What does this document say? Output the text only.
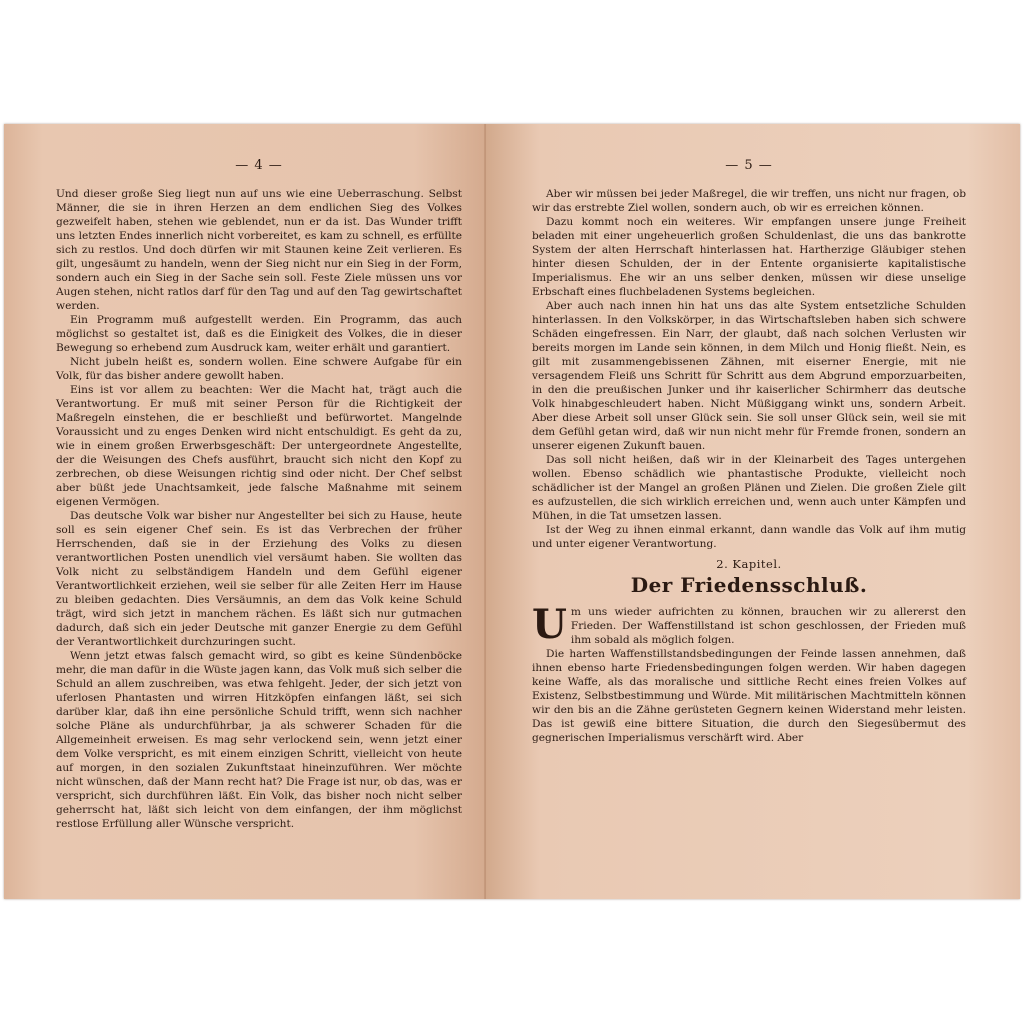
— 4 —

Und dieser große Sieg liegt nun auf uns wie eine Ueberraschung. Selbst Männer, die sie in ihren Herzen an dem endlichen Sieg des Volkes gezweifelt haben, stehen wie geblendet, nun er da ist. Das Wunder trifft uns letzten Endes innerlich nicht vorbereitet, es kam zu schnell, es erfüllte sich zu restlos. Und doch dürfen wir mit Staunen keine Zeit verlieren. Es gilt, ungesäumt zu handeln, wenn der Sieg nicht nur ein Sieg in der Form, sondern auch ein Sieg in der Sache sein soll. Feste Ziele müssen uns vor Augen stehen, nicht ratlos darf für den Tag und auf den Tag gewirtschaftet werden.

Ein Programm muß aufgestellt werden. Ein Programm, das auch möglichst so gestaltet ist, daß es die Einigkeit des Volkes, die in dieser Bewegung so erhebend zum Ausdruck kam, weiter erhält und garantiert.

Nicht jubeln heißt es, sondern wollen. Eine schwere Aufgabe für ein Volk, für das bisher andere gewollt haben.

Eins ist vor allem zu beachten: Wer die Macht hat, trägt auch die Verantwortung. Er muß mit seiner Person für die Richtigkeit der Maßregeln einstehen, die er beschließt und befürwortet. Mangelnde Voraussicht und zu enges Denken wird nicht entschuldigt. Es geht da zu, wie in einem großen Erwerbsgeschäft: Der untergeordnete Angestellte, der die Weisungen des Chefs ausführt, braucht sich nicht den Kopf zu zerbrechen, ob diese Weisungen richtig sind oder nicht. Der Chef selbst aber büßt jede Unachtsamkeit, jede falsche Maßnahme mit seinem eigenen Vermögen.

Das deutsche Volk war bisher nur Angestellter bei sich zu Hause, heute soll es sein eigener Chef sein. Es ist das Verbrechen der früher Herrschenden, daß sie in der Erziehung des Volks zu diesen verantwortlichen Posten unendlich viel versäumt haben. Sie wollten das Volk nicht zu selbständigem Handeln und dem Gefühl eigener Verantwortlichkeit erziehen, weil sie selber für alle Zeiten Herr im Hause zu bleiben gedachten. Dies Versäumnis, an dem das Volk keine Schuld trägt, wird sich jetzt in manchem rächen. Es läßt sich nur gutmachen dadurch, daß sich ein jeder Deutsche mit ganzer Energie zu dem Gefühl der Verantwortlichkeit durchzuringen sucht.

Wenn jetzt etwas falsch gemacht wird, so gibt es keine Sündenböcke mehr, die man dafür in die Wüste jagen kann, das Volk muß sich selber die Schuld an allem zuschreiben, was etwa fehlgeht. Jeder, der sich jetzt von uferlosen Phantasten und wirren Hitzköpfen einfangen läßt, sei sich darüber klar, daß ihn eine persönliche Schuld trifft, wenn sich nachher solche Pläne als undurchführbar, ja als schwerer Schaden für die Allgemeinheit erweisen. Es mag sehr verlockend sein, wenn jetzt einer dem Volke verspricht, es mit einem einzigen Schritt, vielleicht von heute auf morgen, in den sozialen Zukunftstaat hineinzuführen. Wer möchte nicht wünschen, daß der Mann recht hat? Die Frage ist nur, ob das, was er verspricht, sich durchführen läßt. Ein Volk, das bisher noch nicht selber geherrscht hat, läßt sich leicht von dem einfangen, der ihm möglichst restlose Erfüllung aller Wünsche verspricht.

— 5 —

Aber wir müssen bei jeder Maßregel, die wir treffen, uns nicht nur fragen, ob wir das erstrebte Ziel wollen, sondern auch, ob wir es erreichen können.

Dazu kommt noch ein weiteres. Wir empfangen unsere junge Freiheit beladen mit einer ungeheuerlich großen Schuldenlast, die uns das bankrotte System der alten Herrschaft hinterlassen hat. Hartherzige Gläubiger stehen hinter diesen Schulden, der in der Entente organisierte kapitalistische Imperialismus. Ehe wir an uns selber denken, müssen wir diese unselige Erbschaft eines fluchbeladenen Systems begleichen.

Aber auch nach innen hin hat uns das alte System entsetzliche Schulden hinterlassen. In den Volkskörper, in das Wirtschaftsleben haben sich schwere Schäden eingefressen. Ein Narr, der glaubt, daß nach solchen Verlusten wir bereits morgen im Lande sein können, in dem Milch und Honig fließt. Nein, es gilt mit zusammengebissenen Zähnen, mit eiserner Energie, mit nie versagendem Fleiß uns Schritt für Schritt aus dem Abgrund emporzuarbeiten, in den die preußischen Junker und ihr kaiserlicher Schirmherr das deutsche Volk hinabgeschleudert haben. Nicht Müßiggang winkt uns, sondern Arbeit. Aber diese Arbeit soll unser Glück sein. Sie soll unser Glück sein, weil sie mit dem Gefühl getan wird, daß wir nun nicht mehr für Fremde fronen, sondern an unserer eigenen Zukunft bauen.

Das soll nicht heißen, daß wir in der Kleinarbeit des Tages untergehen wollen. Ebenso schädlich wie phantastische Produkte, vielleicht noch schädlicher ist der Mangel an großen Plänen und Zielen. Die großen Ziele gilt es aufzustellen, die sich wirklich erreichen und, wenn auch unter Kämpfen und Mühen, in die Tat umsetzen lassen.

Ist der Weg zu ihnen einmal erkannt, dann wandle das Volk auf ihm mutig und unter eigener Verantwortung.

2. Kapitel.
Der Friedensschluß.

Um uns wieder aufrichten zu können, brauchen wir zu allererst den Frieden. Der Waffenstillstand ist schon geschlossen, der Frieden muß ihm sobald als möglich folgen.

Die harten Waffenstillstandsbedingungen der Feinde lassen annehmen, daß ihnen ebenso harte Friedensbedingungen folgen werden. Wir haben dagegen keine Waffe, als das moralische und sittliche Recht eines freien Volkes auf Existenz, Selbstbestimmung und Würde. Mit militärischen Machtmitteln können wir den bis an die Zähne gerüsteten Gegnern keinen Widerstand mehr leisten. Das ist gewiß eine bittere Situation, die durch den Siegesübermut des gegnerischen Imperialismus verschärft wird. Aber
